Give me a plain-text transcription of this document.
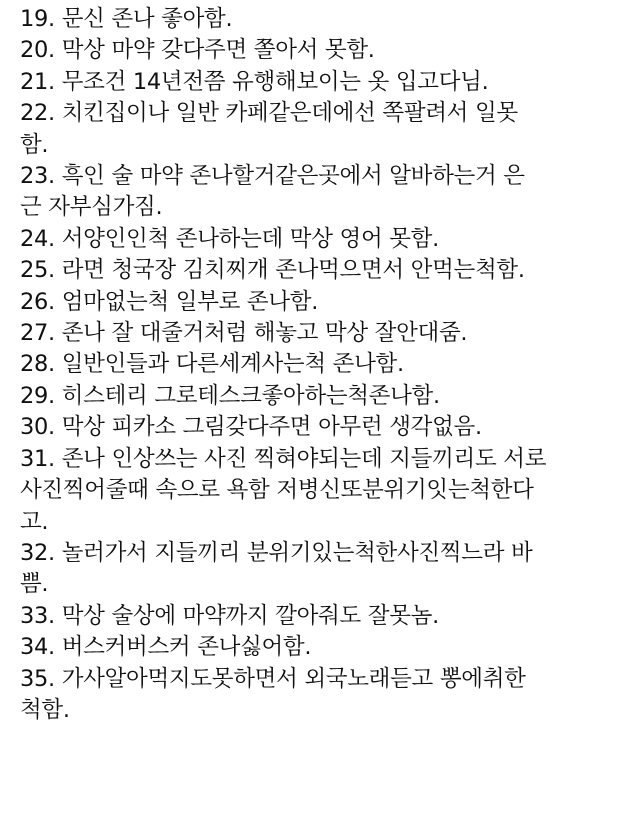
19. 문신 존나 좋아함.
20. 막상 마약 갖다주면 쫄아서 못함.
21. 무조건 14년전쯤 유행해보이는 옷 입고다님.
22. 치킨집이나 일반 카페같은데에선 쪽팔려서 일못
함.
23. 흑인 술 마약 존나할거같은곳에서 알바하는거 은
근 자부심가짐.
24. 서양인인척 존나하는데 막상 영어 못함.
25. 라면 청국장 김치찌개 존나먹으면서 안먹는척함.
26. 엄마없는척 일부로 존나함.
27. 존나 잘 대줄거처럼 해놓고 막상 잘안대줌.
28. 일반인들과 다른세계사는척 존나함.
29. 히스테리 그로테스크좋아하는척존나함.
30. 막상 피카소 그림갖다주면 아무런 생각없음.
31. 존나 인상쓰는 사진 찍혀야되는데 지들끼리도 서로
사진찍어줄때 속으로 욕함 저병신또분위기잇는척한다
고.
32. 놀러가서 지들끼리 분위기있는척한사진찍느라 바
쁨.
33. 막상 술상에 마약까지 깔아줘도 잘못놈.
34. 버스커버스커 존나싫어함.
35. 가사알아먹지도못하면서 외국노래듣고 뽕에취한
척함.
